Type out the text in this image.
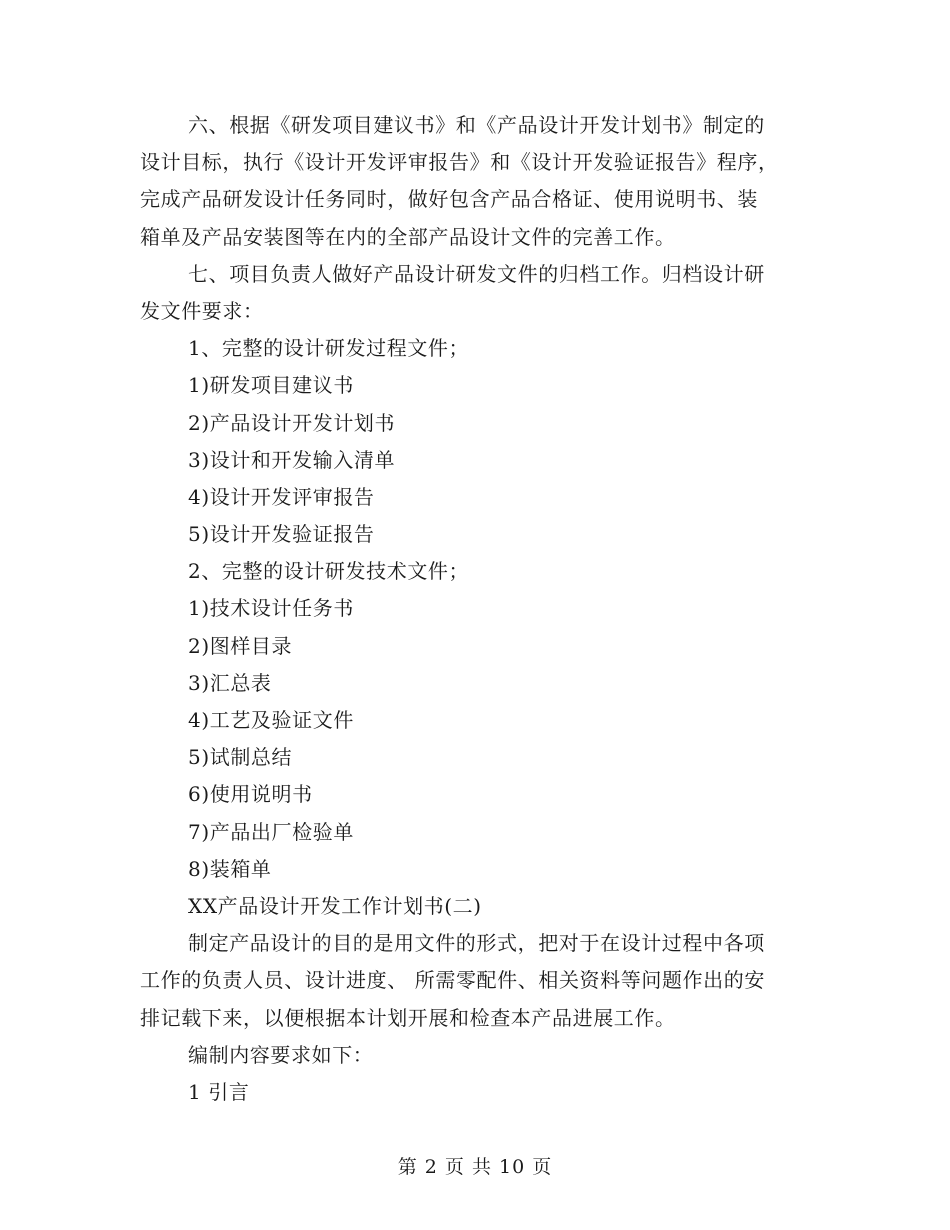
六、根据《研发项目建议书》和《产品设计开发计划书》制定的
设计目标，执行《设计开发评审报告》和《设计开发验证报告》程序，
完成产品研发设计任务同时，做好包含产品合格证、使用说明书、装
箱单及产品安装图等在内的全部产品设计文件的完善工作。
七、项目负责人做好产品设计研发文件的归档工作。归档设计研
发文件要求：
1、完整的设计研发过程文件；
1)研发项目建议书
2)产品设计开发计划书
3)设计和开发输入清单
4)设计开发评审报告
5)设计开发验证报告
2、完整的设计研发技术文件；
1)技术设计任务书
2)图样目录
3)汇总表
4)工艺及验证文件
5)试制总结
6)使用说明书
7)产品出厂检验单
8)装箱单
XX产品设计开发工作计划书(二)
制定产品设计的目的是用文件的形式，把对于在设计过程中各项
工作的负责人员、设计进度、 所需零配件、相关资料等问题作出的安
排记载下来，以便根据本计划开展和检查本产品进展工作。
编制内容要求如下：
1 引言
第 2 页 共 10 页
